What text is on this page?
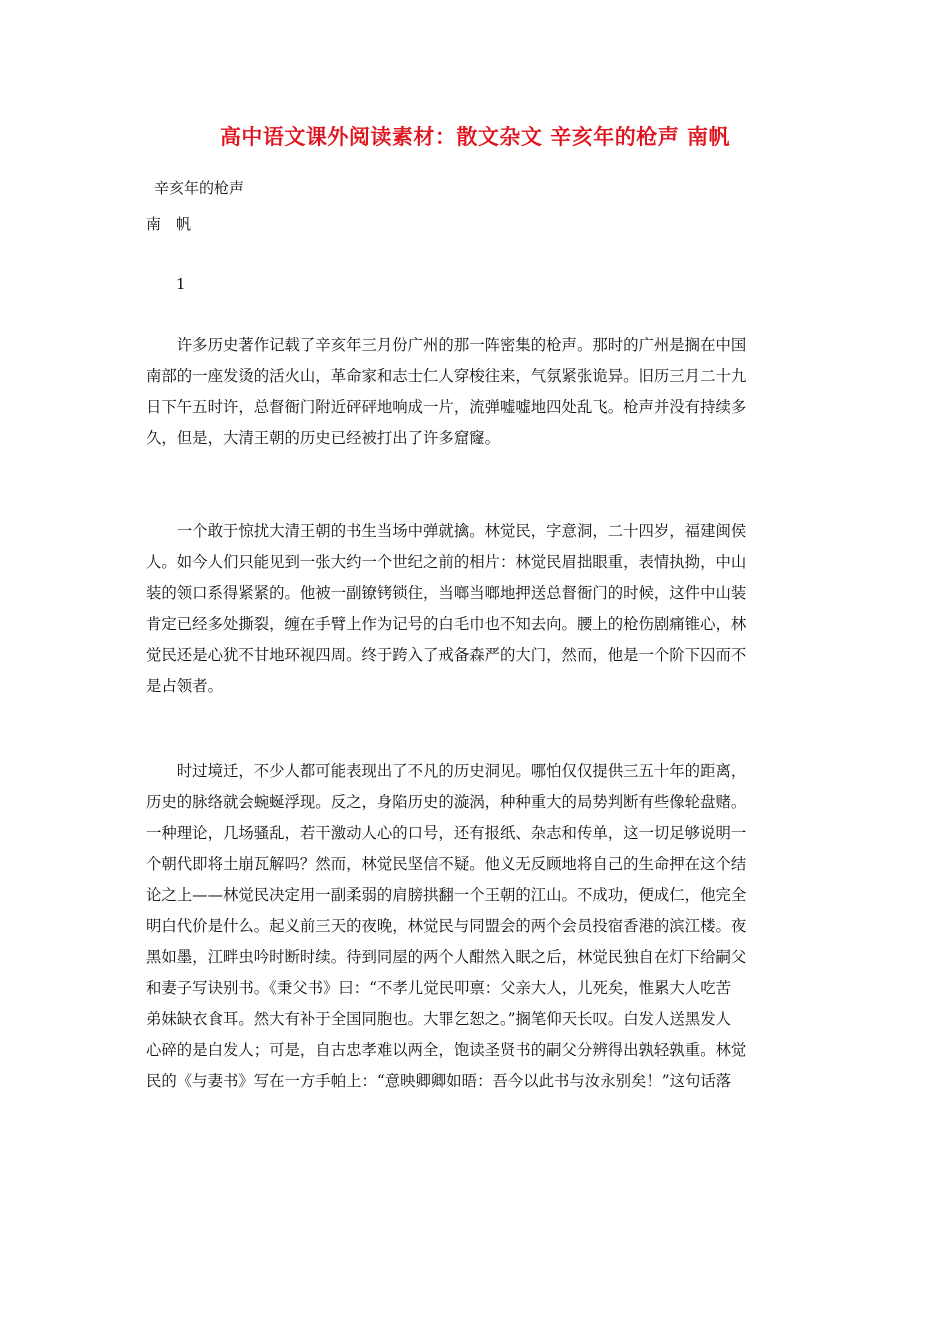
高中语文课外阅读素材：散文杂文 辛亥年的枪声 南帆
辛亥年的枪声
南　帆
1
　　许多历史著作记载了辛亥年三月份广州的那一阵密集的枪声。那时的广州是搁在中国
南部的一座发烫的活火山，革命家和志士仁人穿梭往来，气氛紧张诡异。旧历三月二十九
日下午五时许，总督衙门附近砰砰地响成一片，流弹嘘嘘地四处乱飞。枪声并没有持续多
久，但是，大清王朝的历史已经被打出了许多窟窿。
　　一个敢于惊扰大清王朝的书生当场中弹就擒。林觉民，字意洞，二十四岁，福建闽侯
人。如今人们只能见到一张大约一个世纪之前的相片：林觉民眉拙眼重，表情执拗，中山
装的领口系得紧紧的。他被一副镣铐锁住，当啷当啷地押送总督衙门的时候，这件中山装
肯定已经多处撕裂，缠在手臂上作为记号的白毛巾也不知去向。腰上的枪伤剧痛锥心，林
觉民还是心犹不甘地环视四周。终于跨入了戒备森严的大门，然而，他是一个阶下囚而不
是占领者。
　　时过境迁，不少人都可能表现出了不凡的历史洞见。哪怕仅仅提供三五十年的距离，
历史的脉络就会蜿蜒浮现。反之，身陷历史的漩涡，种种重大的局势判断有些像轮盘赌。
一种理论，几场骚乱，若干激动人心的口号，还有报纸、杂志和传单，这一切足够说明一
个朝代即将土崩瓦解吗？然而，林觉民坚信不疑。他义无反顾地将自己的生命押在这个结
论之上——林觉民决定用一副柔弱的肩膀拱翻一个王朝的江山。不成功，便成仁，他完全
明白代价是什么。起义前三天的夜晚，林觉民与同盟会的两个会员投宿香港的滨江楼。夜
黑如墨，江畔虫吟时断时续。待到同屋的两个人酣然入眠之后，林觉民独自在灯下给嗣父
和妻子写诀别书。《秉父书》曰：“不孝儿觉民叩禀：父亲大人，儿死矣，惟累大人吃苦
弟妹缺衣食耳。然大有补于全国同胞也。大罪乞恕之。”搁笔仰天长叹。白发人送黑发人
心碎的是白发人；可是，自古忠孝难以两全，饱读圣贤书的嗣父分辨得出孰轻孰重。林觉
民的《与妻书》写在一方手帕上：“意映卿卿如晤：吾今以此书与汝永别矣！”这句话落
